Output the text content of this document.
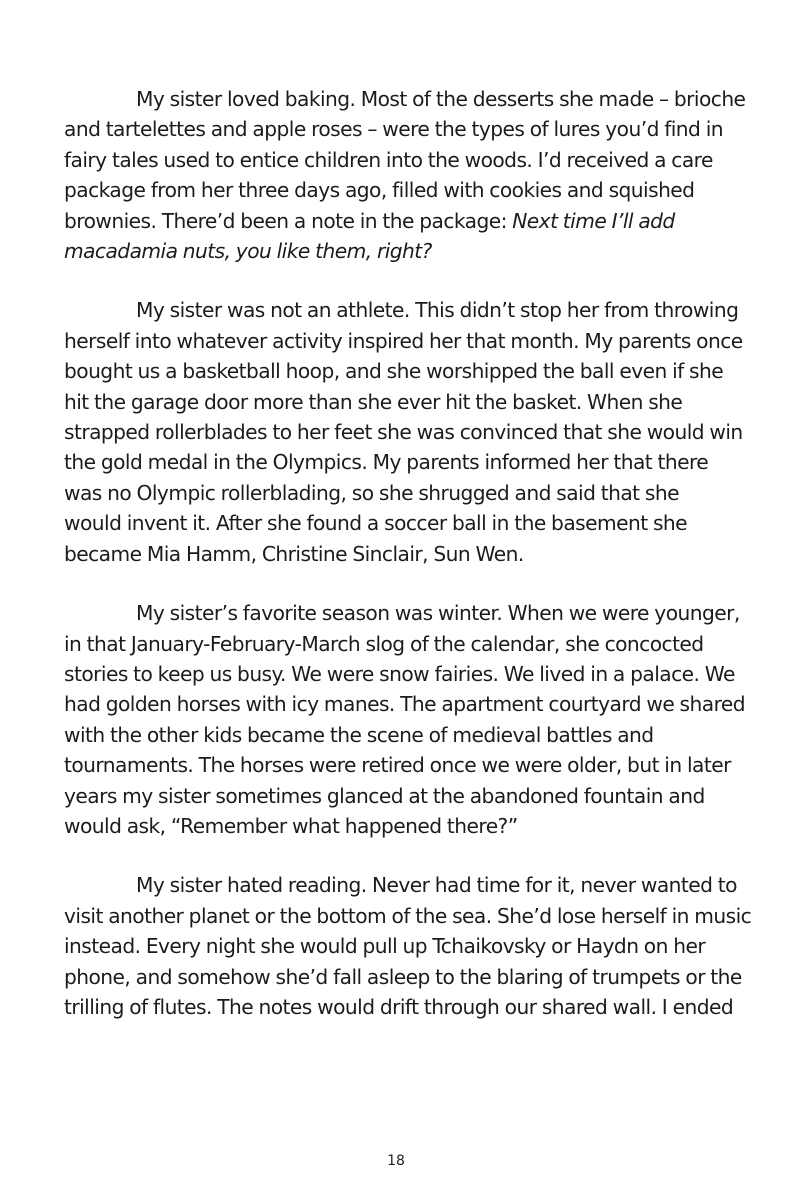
My sister loved baking. Most of the desserts she made – brioche
and tartelettes and apple roses – were the types of lures you’d find in
fairy tales used to entice children into the woods. I’d received a care
package from her three days ago, filled with cookies and squished
brownies. There’d been a note in the package: Next time I’ll add
macadamia nuts, you like them, right?

My sister was not an athlete. This didn’t stop her from throwing
herself into whatever activity inspired her that month. My parents once
bought us a basketball hoop, and she worshipped the ball even if she
hit the garage door more than she ever hit the basket. When she
strapped rollerblades to her feet she was convinced that she would win
the gold medal in the Olympics. My parents informed her that there
was no Olympic rollerblading, so she shrugged and said that she
would invent it. After she found a soccer ball in the basement she
became Mia Hamm, Christine Sinclair, Sun Wen.

My sister’s favorite season was winter. When we were younger,
in that January-February-March slog of the calendar, she concocted
stories to keep us busy. We were snow fairies. We lived in a palace. We
had golden horses with icy manes. The apartment courtyard we shared
with the other kids became the scene of medieval battles and
tournaments. The horses were retired once we were older, but in later
years my sister sometimes glanced at the abandoned fountain and
would ask, “Remember what happened there?”

My sister hated reading. Never had time for it, never wanted to
visit another planet or the bottom of the sea. She’d lose herself in music
instead. Every night she would pull up Tchaikovsky or Haydn on her
phone, and somehow she’d fall asleep to the blaring of trumpets or the
trilling of flutes. The notes would drift through our shared wall. I ended

18
